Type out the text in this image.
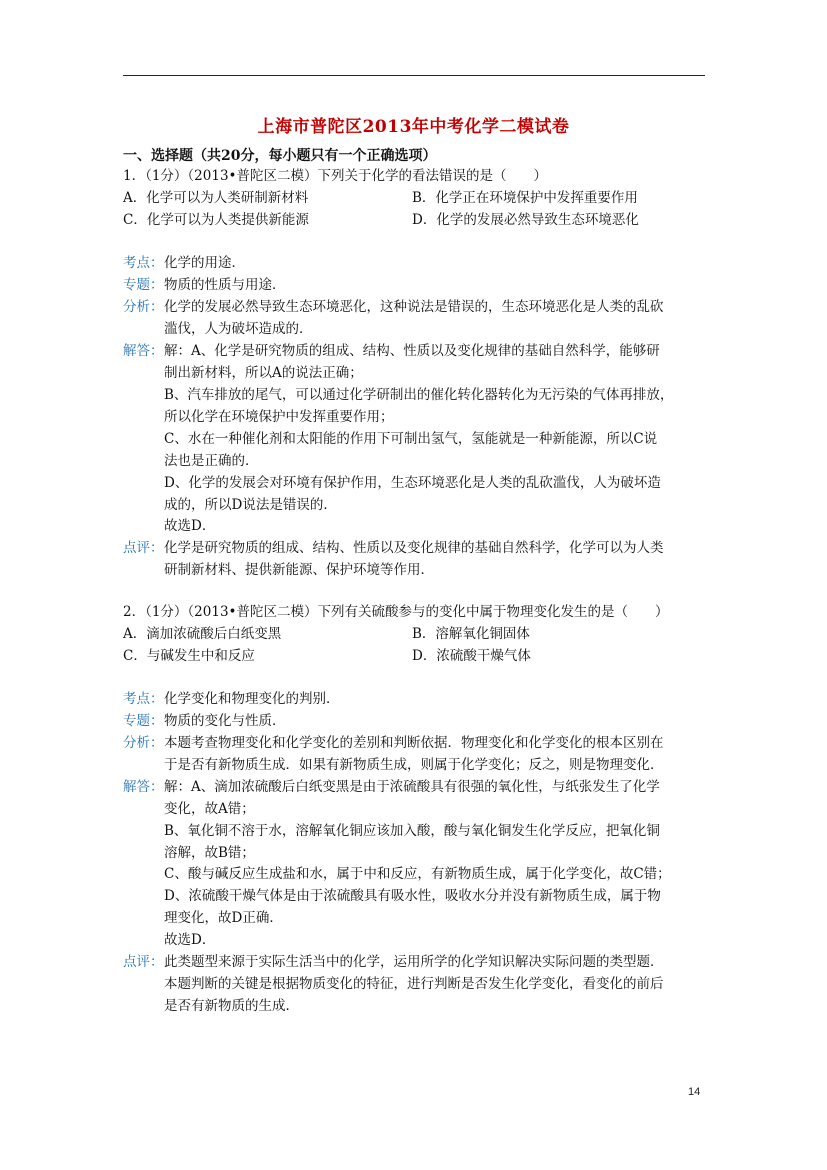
上海市普陀区2013年中考化学二模试卷
一、选择题（共20分，每小题只有一个正确选项）
1．（1分）（2013•普陀区二模）下列关于化学的看法错误的是（　　）
A．化学可以为人类研制新材料	B．化学正在环境保护中发挥重要作用
C．化学可以为人类提供新能源	D．化学的发展必然导致生态环境恶化
考点： 化学的用途．
专题： 物质的性质与用途．
分析： 化学的发展必然导致生态环境恶化，这种说法是错误的，生态环境恶化是人类的乱砍
滥伐，人为破坏造成的．
解答： 解：A、化学是研究物质的组成、结构、性质以及变化规律的基础自然科学，能够研
制出新材料，所以A的说法正确；
B、汽车排放的尾气，可以通过化学研制出的催化转化器转化为无污染的气体再排放，
所以化学在环境保护中发挥重要作用；
C、水在一种催化剂和太阳能的作用下可制出氢气，氢能就是一种新能源，所以C说
法也是正确的．
D、化学的发展会对环境有保护作用，生态环境恶化是人类的乱砍滥伐，人为破坏造
成的，所以D说法是错误的．
故选D．
点评： 化学是研究物质的组成、结构、性质以及变化规律的基础自然科学，化学可以为人类
研制新材料、提供新能源、保护环境等作用．
2．（1分）（2013•普陀区二模）下列有关硫酸参与的变化中属于物理变化发生的是（　　）
A．滴加浓硫酸后白纸变黑	B．溶解氧化铜固体
C．与碱发生中和反应	D．浓硫酸干燥气体
考点： 化学变化和物理变化的判别．
专题： 物质的变化与性质．
分析： 本题考查物理变化和化学变化的差别和判断依据．物理变化和化学变化的根本区别在
于是否有新物质生成．如果有新物质生成，则属于化学变化；反之，则是物理变化．
解答： 解：A、滴加浓硫酸后白纸变黑是由于浓硫酸具有很强的氧化性，与纸张发生了化学
变化，故A错；
B、氧化铜不溶于水，溶解氧化铜应该加入酸，酸与氧化铜发生化学反应，把氧化铜
溶解，故B错；
C、酸与碱反应生成盐和水，属于中和反应，有新物质生成，属于化学变化，故C错；
D、浓硫酸干燥气体是由于浓硫酸具有吸水性，吸收水分并没有新物质生成，属于物
理变化，故D正确．
故选D．
点评： 此类题型来源于实际生活当中的化学，运用所学的化学知识解决实际问题的类型题．
本题判断的关键是根据物质变化的特征，进行判断是否发生化学变化，看变化的前后
是否有新物质的生成．
14
